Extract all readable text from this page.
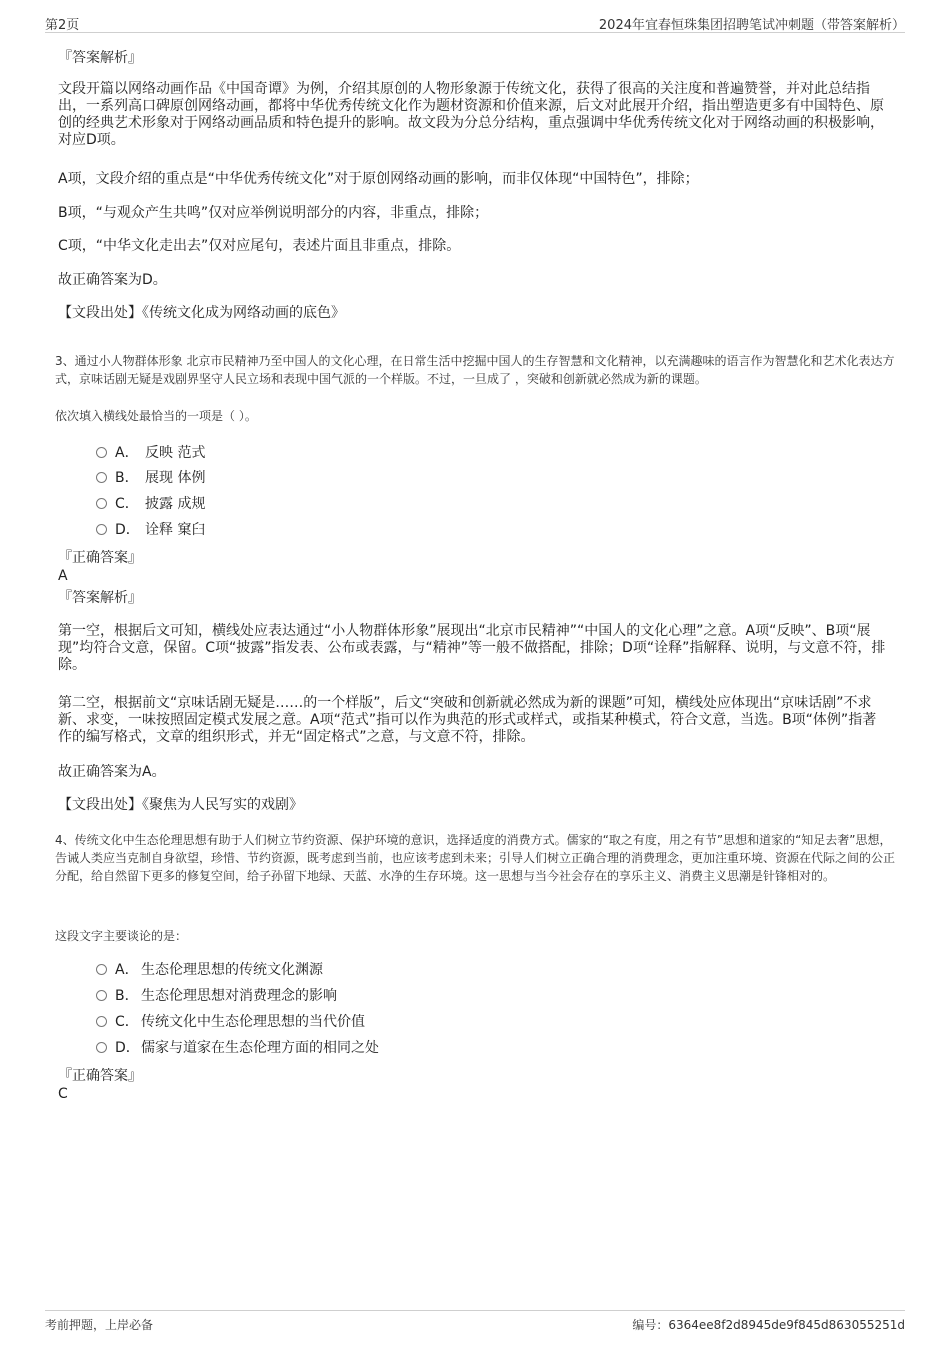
第2页	2024年宜春恒珠集团招聘笔试冲刺题（带答案解析）
『答案解析』
文段开篇以网络动画作品《中国奇谭》为例，介绍其原创的人物形象源于传统文化，获得了很高的关注度和普遍赞誉，并对此总结指出，一系列高口碑原创网络动画，都将中华优秀传统文化作为题材资源和价值来源，后文对此展开介绍，指出塑造更多有中国特色、原创的经典艺术形象对于网络动画品质和特色提升的影响。故文段为分总分结构，重点强调中华优秀传统文化对于网络动画的积极影响，对应D项。
A项，文段介绍的重点是“中华优秀传统文化”对于原创网络动画的影响，而非仅体现“中国特色”，排除；
B项，“与观众产生共鸣”仅对应举例说明部分的内容，非重点，排除；
C项，“中华文化走出去”仅对应尾句，表述片面且非重点，排除。
故正确答案为D。
【文段出处】《传统文化成为网络动画的底色》
3、通过小人物群体形象 北京市民精神乃至中国人的文化心理，在日常生活中挖掘中国人的生存智慧和文化精神，以充满趣味的语言作为智慧化和艺术化表达方式，京味话剧无疑是戏剧界坚守人民立场和表现中国气派的一个样版。不过，一旦成了 ，突破和创新就必然成为新的课题。
依次填入横线处最恰当的一项是（ ）。
A． 反映 范式
B． 展现 体例
C． 披露 成规
D． 诠释 窠臼
『正确答案』
A
『答案解析』
第一空，根据后文可知，横线处应表达通过“小人物群体形象”展现出“北京市民精神”“中国人的文化心理”之意。A项“反映”、B项“展现”均符合文意，保留。C项“披露”指发表、公布或表露，与“精神”等一般不做搭配，排除；D项“诠释”指解释、说明，与文意不符，排除。
第二空，根据前文“京味话剧无疑是……的一个样版”，后文“突破和创新就必然成为新的课题”可知，横线处应体现出“京味话剧”不求新、求变，一味按照固定模式发展之意。A项“范式”指可以作为典范的形式或样式，或指某种模式，符合文意，当选。B项“体例”指著作的编写格式，文章的组织形式，并无“固定格式”之意，与文意不符，排除。
故正确答案为A。
【文段出处】《聚焦为人民写实的戏剧》
4、传统文化中生态伦理思想有助于人们树立节约资源、保护环境的意识，选择适度的消费方式。儒家的“取之有度，用之有节”思想和道家的“知足去奢”思想，告诫人类应当克制自身欲望，珍惜、节约资源，既考虑到当前，也应该考虑到未来；引导人们树立正确合理的消费理念，更加注重环境、资源在代际之间的公正分配，给自然留下更多的修复空间，给子孙留下地绿、天蓝、水净的生存环境。这一思想与当今社会存在的享乐主义、消费主义思潮是针锋相对的。
这段文字主要谈论的是：
A． 生态伦理思想的传统文化渊源
B． 生态伦理思想对消费理念的影响
C． 传统文化中生态伦理思想的当代价值
D．儒家与道家在生态伦理方面的相同之处
『正确答案』
C
考前押题，上岸必备	编号：6364ee8f2d8945de9f845d863055251d
